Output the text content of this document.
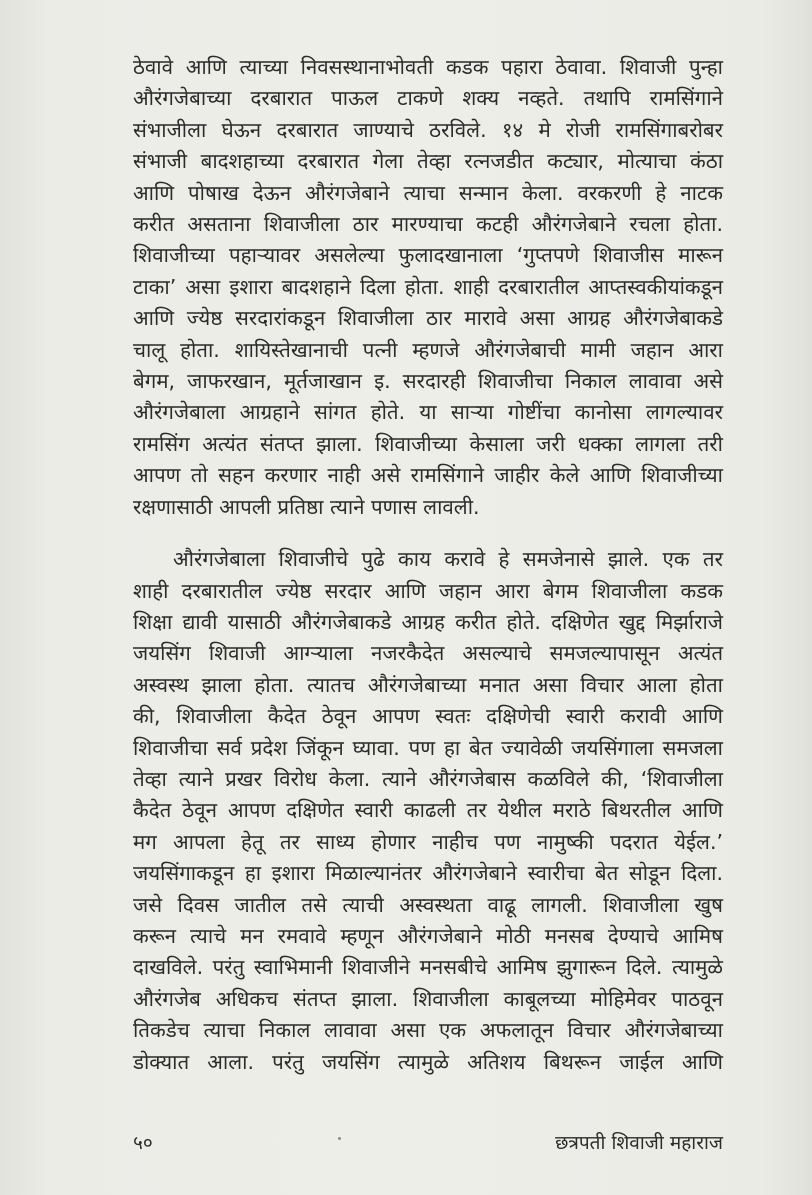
ठेवावे आणि त्याच्या निवसस्थानाभोवती कडक पहारा ठेवावा. शिवाजी पुन्हा
औरंगजेबाच्या दरबारात पाऊल टाकणे शक्य नव्हते. तथापि रामसिंगाने
संभाजीला घेऊन दरबारात जाण्याचे ठरविले. १४ मे रोजी रामसिंगाबरोबर
संभाजी बादशहाच्या दरबारात गेला तेव्हा रत्नजडीत कट्यार, मोत्याचा कंठा
आणि पोषाख देऊन औरंगजेबाने त्याचा सन्मान केला. वरकरणी हे नाटक
करीत असताना शिवाजीला ठार मारण्याचा कटही औरंगजेबाने रचला होता.
शिवाजीच्या पहाऱ्यावर असलेल्या फुलादखानाला ‘गुप्तपणे शिवाजीस मारून
टाका’ असा इशारा बादशहाने दिला होता. शाही दरबारातील आप्तस्वकीयांकडून
आणि ज्येष्ठ सरदारांकडून शिवाजीला ठार मारावे असा आग्रह औरंगजेबाकडे
चालू होता. शायिस्तेखानाची पत्नी म्हणजे औरंगजेबाची मामी जहान आरा
बेगम, जाफरखान, मूर्तजाखान इ. सरदारही शिवाजीचा निकाल लावावा असे
औरंगजेबाला आग्रहाने सांगत होते. या साऱ्या गोष्टींचा कानोसा लागल्यावर
रामसिंग अत्यंत संतप्त झाला. शिवाजीच्या केसाला जरी धक्का लागला तरी
आपण तो सहन करणार नाही असे रामसिंगाने जाहीर केले आणि शिवाजीच्या
रक्षणासाठी आपली प्रतिष्ठा त्याने पणास लावली.

औरंगजेबाला शिवाजीचे पुढे काय करावे हे समजेनासे झाले. एक तर
शाही दरबारातील ज्येष्ठ सरदार आणि जहान आरा बेगम शिवाजीला कडक
शिक्षा द्यावी यासाठी औरंगजेबाकडे आग्रह करीत होते. दक्षिणेत खुद्द मिर्झाराजे
जयसिंग शिवाजी आग्ऱ्याला नजरकैदेत असल्याचे समजल्यापासून अत्यंत
अस्वस्थ झाला होता. त्यातच औरंगजेबाच्या मनात असा विचार आला होता
की, शिवाजीला कैदेत ठेवून आपण स्वतः दक्षिणेची स्वारी करावी आणि
शिवाजीचा सर्व प्रदेश जिंकून घ्यावा. पण हा बेत ज्यावेळी जयसिंगाला समजला
तेव्हा त्याने प्रखर विरोध केला. त्याने औरंगजेबास कळविले की, ‘शिवाजीला
कैदेत ठेवून आपण दक्षिणेत स्वारी काढली तर येथील मराठे बिथरतील आणि
मग आपला हेतू तर साध्य होणार नाहीच पण नामुष्की पदरात येईल.’
जयसिंगाकडून हा इशारा मिळाल्यानंतर औरंगजेबाने स्वारीचा बेत सोडून दिला.
जसे दिवस जातील तसे त्याची अस्वस्थता वाढू लागली. शिवाजीला खुष
करून त्याचे मन रमवावे म्हणून औरंगजेबाने मोठी मनसब देण्याचे आमिष
दाखविले. परंतु स्वाभिमानी शिवाजीने मनसबीचे आमिष झुगारून दिले. त्यामुळे
औरंगजेब अधिकच संतप्त झाला. शिवाजीला काबूलच्या मोहिमेवर पाठवून
तिकडेच त्याचा निकाल लावावा असा एक अफलातून विचार औरंगजेबाच्या
डोक्यात आला. परंतु जयसिंग त्यामुळे अतिशय बिथरून जाईल आणि

५०	छत्रपती शिवाजी महाराज
